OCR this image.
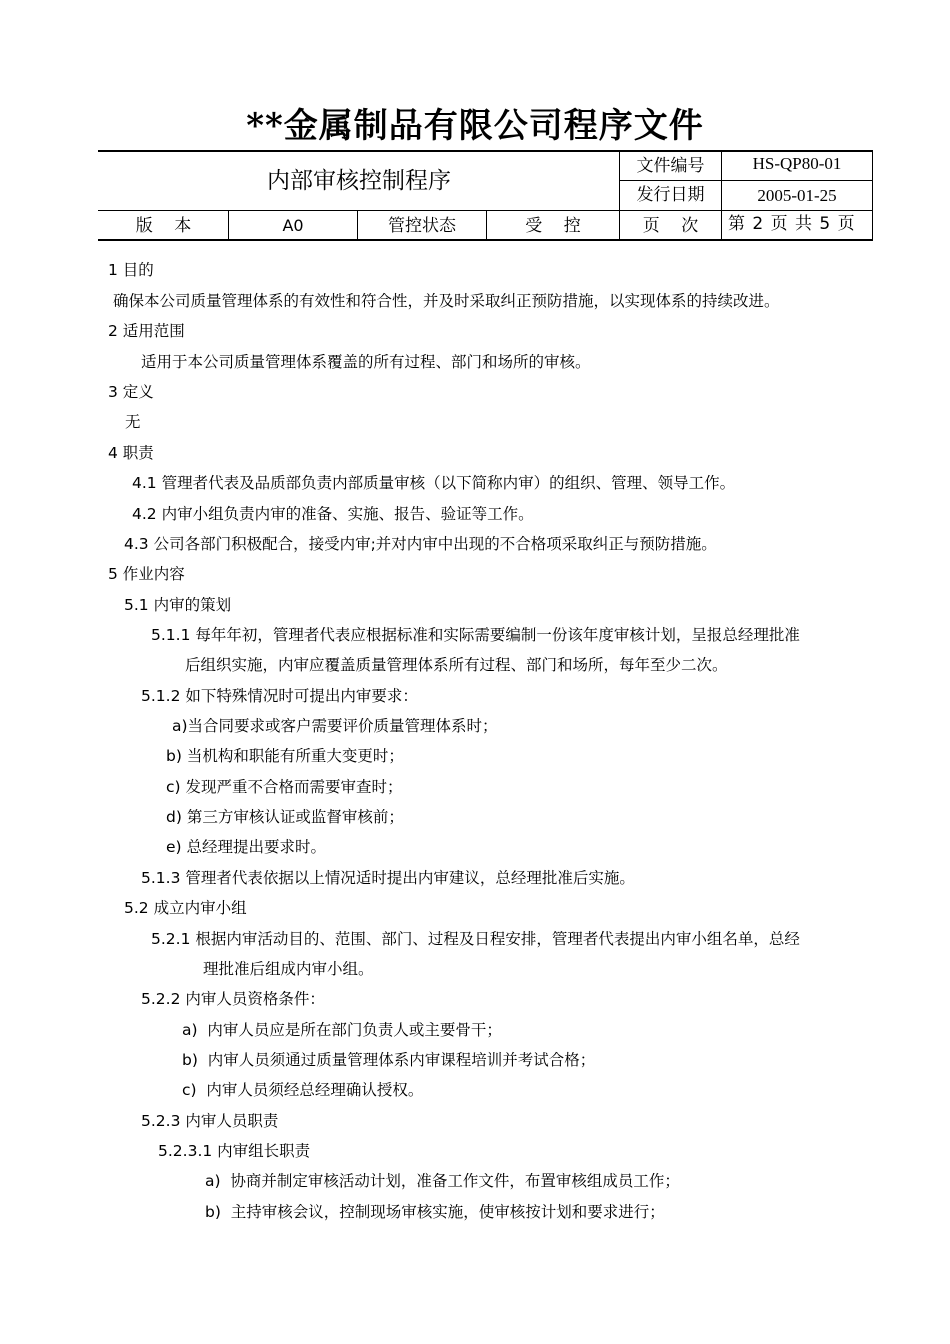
**金属制品有限公司程序文件
内部审核控制程序
文件编号	HS-QP80-01
发行日期	2005-01-25
版    本	A0	管控状态	受    控	页    次	第 2 页 共 5 页
1 目的
确保本公司质量管理体系的有效性和符合性，并及时采取纠正预防措施，以实现体系的持续改进。
2 适用范围
适用于本公司质量管理体系覆盖的所有过程、部门和场所的审核。
3 定义
无
4 职责
4.1 管理者代表及品质部负责内部质量审核（以下简称内审）的组织、管理、领导工作。
4.2 内审小组负责内审的准备、实施、报告、验证等工作。
4.3 公司各部门积极配合，接受内审;并对内审中出现的不合格项采取纠正与预防措施。
5 作业内容
5.1 内审的策划
5.1.1 每年年初，管理者代表应根据标准和实际需要编制一份该年度审核计划，呈报总经理批准
后组织实施，内审应覆盖质量管理体系所有过程、部门和场所，每年至少二次。
5.1.2 如下特殊情况时可提出内审要求：
a)当合同要求或客户需要评价质量管理体系时；
b) 当机构和职能有所重大变更时；
c) 发现严重不合格而需要审查时；
d) 第三方审核认证或监督审核前；
e) 总经理提出要求时。
5.1.3 管理者代表依据以上情况适时提出内审建议，总经理批准后实施。
5.2 成立内审小组
5.2.1 根据内审活动目的、范围、部门、过程及日程安排，管理者代表提出内审小组名单，总经
理批准后组成内审小组。
5.2.2 内审人员资格条件：
a)  内审人员应是所在部门负责人或主要骨干；
b)  内审人员须通过质量管理体系内审课程培训并考试合格；
c)  内审人员须经总经理确认授权。
5.2.3 内审人员职责
5.2.3.1 内审组长职责
a)  协商并制定审核活动计划，准备工作文件，布置审核组成员工作；
b)  主持审核会议，控制现场审核实施，使审核按计划和要求进行；
